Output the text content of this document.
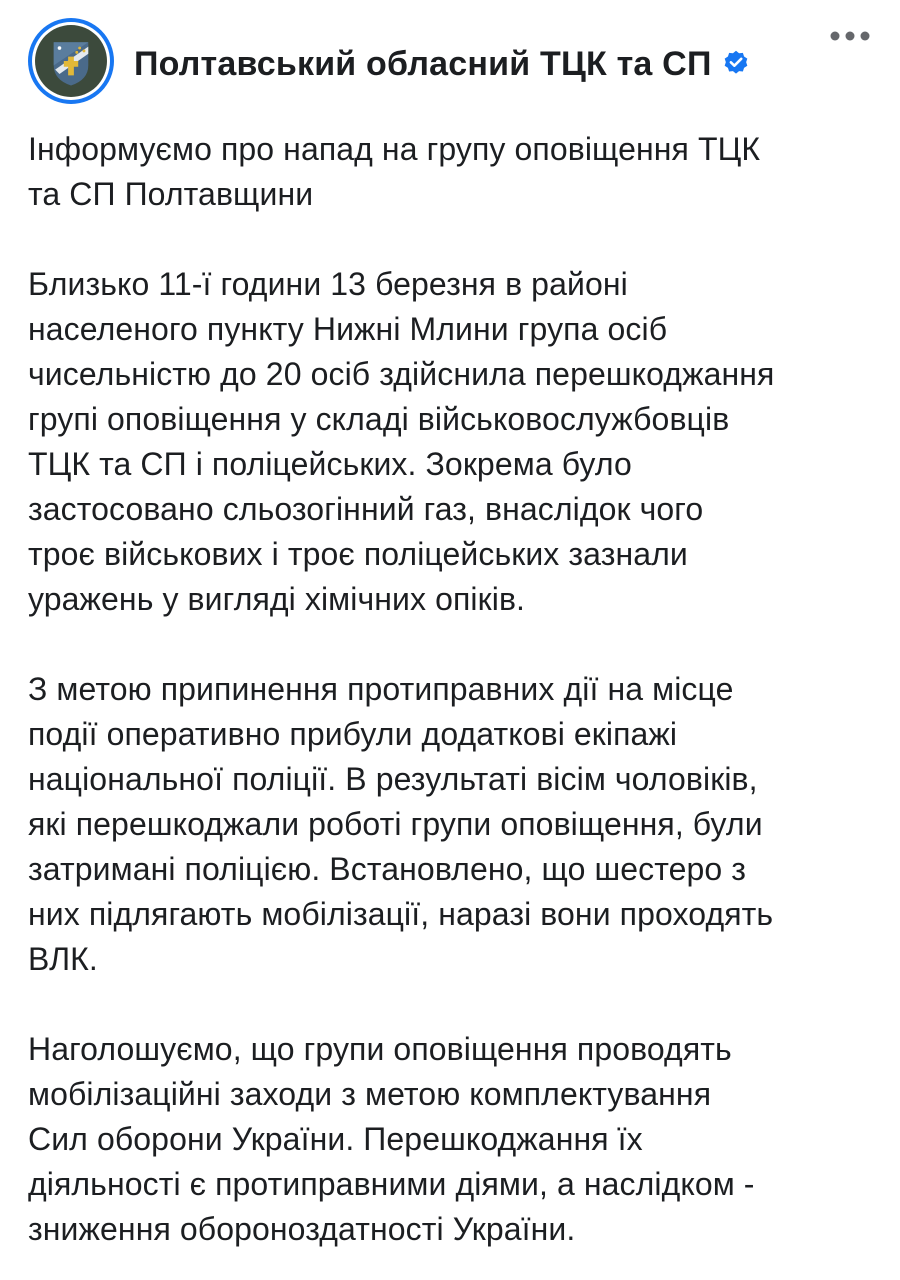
Полтавський обласний ТЦК та СП

Інформуємо про напад на групу оповіщення ТЦК
та СП Полтавщини

Близько 11-ї години 13 березня в районі
населеного пункту Нижні Млини група осіб
чисельністю до 20 осіб здійснила перешкоджання
групі оповіщення у складі військовослужбовців
ТЦК та СП і поліцейських. Зокрема було
застосовано сльозогінний газ, внаслідок чого
троє військових і троє поліцейських зазнали
уражень у вигляді хімічних опіків.

З метою припинення протиправних дії на місце
події оперативно прибули додаткові екіпажі
національної поліції. В результаті вісім чоловіків,
які перешкоджали роботі групи оповіщення, були
затримані поліцією. Встановлено, що шестеро з
них підлягають мобілізації, наразі вони проходять
ВЛК.

Наголошуємо, що групи оповіщення проводять
мобілізаційні заходи з метою комплектування
Сил оборони України. Перешкоджання їх
діяльності є протиправними діями, а наслідком -
зниження обороноздатності України.
